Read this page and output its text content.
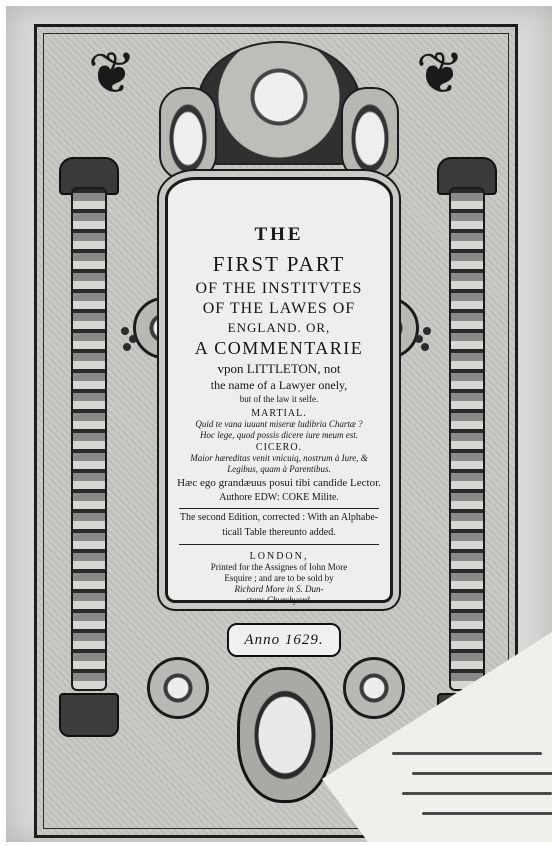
❦	❦
THE
FIRST PART
OF THE INSTITVTES
OF THE LAWES OF
ENGLAND. OR,
A COMMENTARIE
vpon LITTLETON, not
the name of a Lawyer onely,
but of the law it selfe.
MARTIAL.
Quid te vana iuuant miseræ ludibria Chartæ ?
Hoc lege, quod possis dicere iure meum est.
CICERO.
Maior hæreditas venit vnicuiq, nostrum à Iure, &
Legibus, quam à Parentibus.
Hæc ego grandæuus posui tibi candide Lector.
Authore EDW: COKE Milite.
The second Edition, corrected : With an Alphabe-
ticall Table thereunto added.
LONDON,
Printed for the Assignes of Iohn More
Esquire ; and are to be sold by
Richard More in S. Dun-
stans Churchyard.
Anno 1629.
